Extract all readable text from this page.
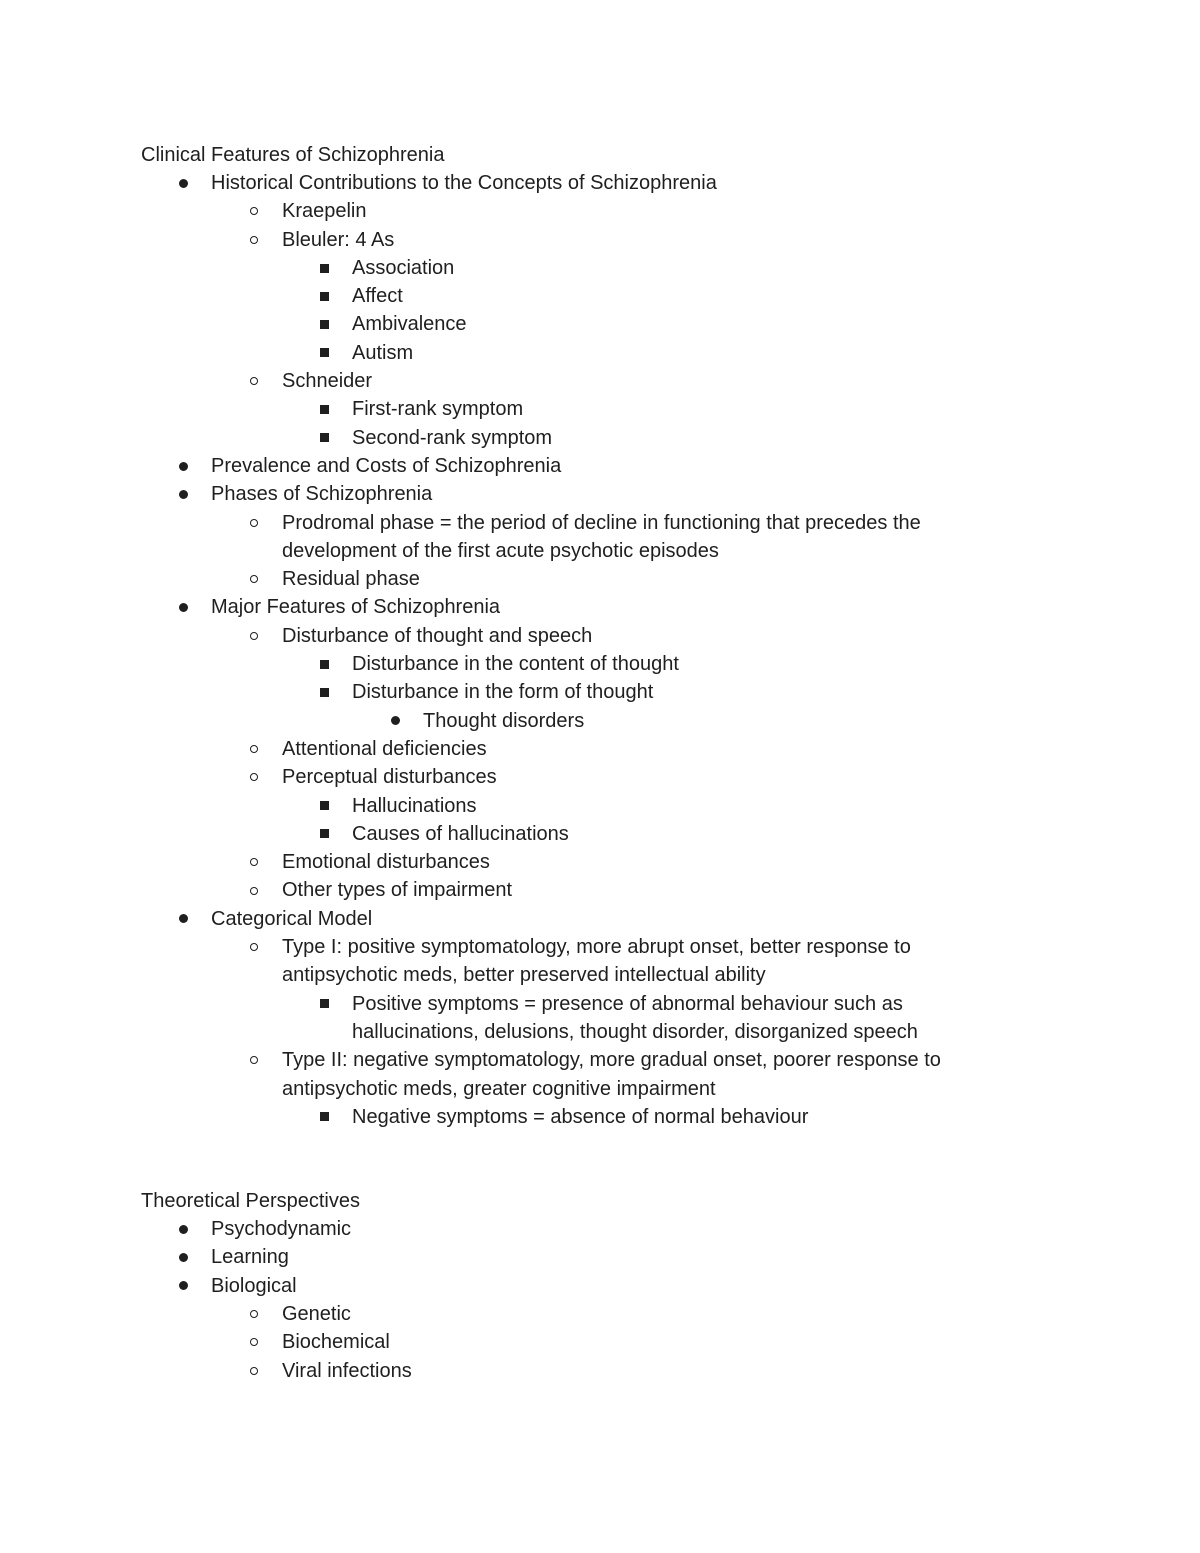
Clinical Features of Schizophrenia
Historical Contributions to the Concepts of Schizophrenia
Kraepelin
Bleuler: 4 As
Association
Affect
Ambivalence
Autism
Schneider
First-rank symptom
Second-rank symptom
Prevalence and Costs of Schizophrenia
Phases of Schizophrenia
Prodromal phase = the period of decline in functioning that precedes the development of the first acute psychotic episodes
Residual phase
Major Features of Schizophrenia
Disturbance of thought and speech
Disturbance in the content of thought
Disturbance in the form of thought
Thought disorders
Attentional deficiencies
Perceptual disturbances
Hallucinations
Causes of hallucinations
Emotional disturbances
Other types of impairment
Categorical Model
Type I: positive symptomatology, more abrupt onset, better response to antipsychotic meds, better preserved intellectual ability
Positive symptoms = presence of abnormal behaviour such as hallucinations, delusions, thought disorder, disorganized speech
Type II: negative symptomatology, more gradual onset, poorer response to antipsychotic meds, greater cognitive impairment
Negative symptoms = absence of normal behaviour
Theoretical Perspectives
Psychodynamic
Learning
Biological
Genetic
Biochemical
Viral infections
